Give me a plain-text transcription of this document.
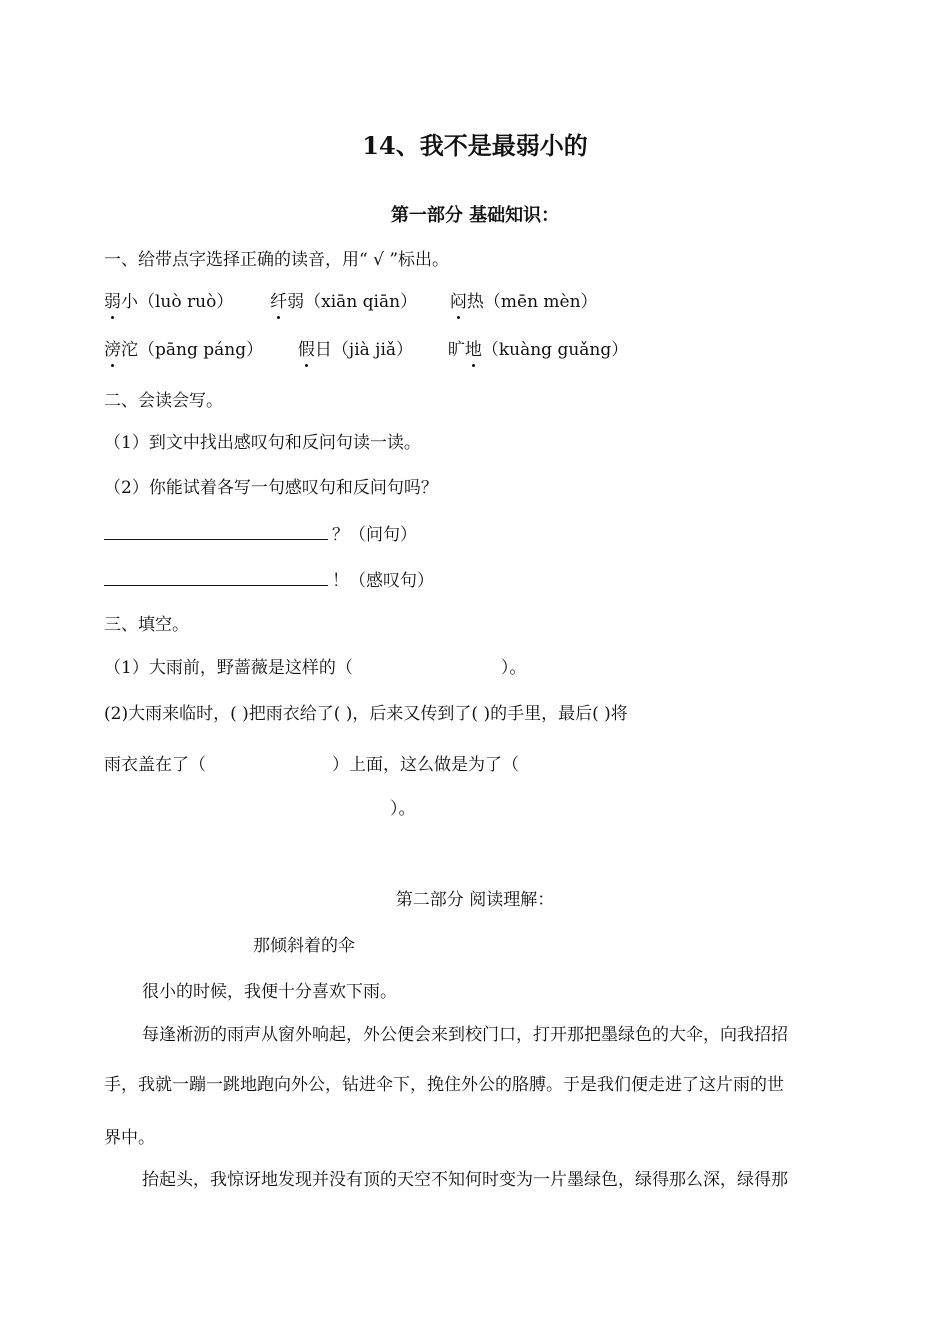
14、我不是最弱小的
第一部分 基础知识：
一、给带点字选择正确的读音，用“ √ ”标出。
弱小（luò ruò） 纤弱（xiān qiān） 闷热（mēn mèn）
滂沱（pāng páng） 假日（jià jiǎ） 旷地（kuàng guǎng）
二、会读会写。
（1）到文中找出感叹句和反问句读一读。
（2）你能试着各写一句感叹句和反问句吗？
？（问句）
！（感叹句）
三、填空。
（1）大雨前，野蔷薇是这样的（	）。
(2)大雨来临时，( )把雨衣给了( )，后来又传到了( )的手里，最后( )将
雨衣盖在了（	）上面，这么做是为了（
）。
第二部分 阅读理解：
那倾斜着的伞
很小的时候，我便十分喜欢下雨。
每逢淅沥的雨声从窗外响起，外公便会来到校门口，打开那把墨绿色的大伞，向我招招
手，我就一蹦一跳地跑向外公，钻进伞下，挽住外公的胳膊。于是我们便走进了这片雨的世
界中。
抬起头，我惊讶地发现并没有顶的天空不知何时变为一片墨绿色，绿得那么深，绿得那
